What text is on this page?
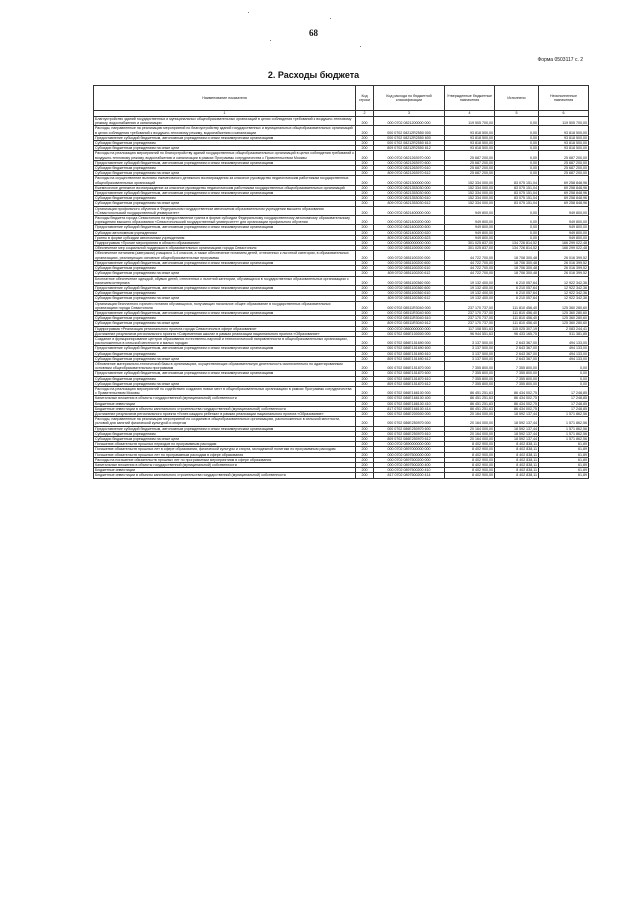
68
Форма 0503117 с. 2
2. Расходы бюджета
Наименование показателя	Код строки	Код расхода по бюджетной классификации	Утвержденные бюджетные назначения	Исполнено	Неисполненные назначения
1	2	3	4	5	6
Благоустройство зданий государственных и муниципальных общеобразовательных организаций в целях соблюдения требований к воздушно-тепловому режиму, водоснабжению и канализации	200	000 0702 0821200000 000	119 505 700,00	0,00	119 505 700,00
Расходы, направленные на реализацию мероприятий по благоустройству зданий государственных и муниципальных общеобразовательных организаций в целях соблюдения требований к воздушно-тепловому режиму, водоснабжению и канализации	200	000 0702 08212R2550 000	93 818 500,00	0,00	93 818 500,00
Предоставление субсидий бюджетным, автономным учреждениям и иным некоммерческим организациям	200	000 0702 08212R2550 600	93 818 500,00	0,00	93 818 500,00
Субсидии бюджетным учреждениям	200	000 0702 08212R2550 610	93 818 500,00	0,00	93 818 500,00
Субсидии бюджетным учреждениям на иные цели	200	809 0702 08212R2550 612	93 818 500,00	0,00	93 818 500,00
Расходы на реализацию мероприятий по благоустройству зданий государственных общеобразовательных организаций в целях соблюдения требований к воздушно-тепловому режиму, водоснабжению и канализации в рамках Программы сотрудничества с Правительством Москвы	200	000 0702 0821263970 000	25 687 200,00	0,00	25 687 200,00
Предоставление субсидий бюджетным, автономным учреждениям и иным некоммерческим организациям	200	000 0702 0821263970 600	25 687 200,00	0,00	25 687 200,00
Субсидии бюджетным учреждениям	200	000 0702 0821263970 610	25 687 200,00	0,00	25 687 200,00
Субсидии бюджетным учреждениям на иные цели	200	809 0702 0821263970 612	25 687 200,00	0,00	25 687 200,00
Расходы на осуществление выплаты ежемесячного денежного вознаграждения за классное руководство педагогическим работникам государственных общеобразовательных организаций	200	000 0702 0821300000 000	152 334 000,00	83 075 151,04	69 258 848,96
Ежемесячное денежное вознаграждение за классное руководство педагогическим работникам государственных общеобразовательных организаций	200	000 0702 0821353030 000	152 334 000,00	83 075 151,04	69 258 848,96
Предоставление субсидий бюджетным, автономным учреждениям и иным некоммерческим организациям	200	000 0702 0821353030 600	152 334 000,00	83 075 151,04	69 258 848,96
Субсидии бюджетным учреждениям	200	000 0702 0821353030 610	152 334 000,00	83 075 151,04	69 258 848,96
Субсидии бюджетным учреждениям на иные цели	200	809 0702 0821353030 612	152 334 000,00	83 075 151,04	69 258 848,96
Организация профильного обучения в Федеральном государственном автономном образовательном учреждении высшего образования «Севастопольский государственный университет»	200	000 0702 0821400000 000	949 800,00	0,00	949 800,00
Расходы бюджета города Севастополя на предоставление гранта в форме субсидии Федеральному государственному автономному образовательному учреждению высшего образования «Севастопольский государственный университет» для организации профильного обучения	200	000 0702 0821400200 000	949 800,00	0,00	949 800,00
Предоставление субсидий бюджетным, автономным учреждениям и иным некоммерческим организациям	200	000 0702 0821400200 600	949 800,00	0,00	949 800,00
Субсидии автономным учреждениям	200	000 0702 0821400200 620	949 800,00	0,00	949 800,00
Гранты в форме субсидии автономным учреждениям	200	809 0702 0821400200 623	949 800,00	0,00	949 800,00
Подпрограмма «Прочие мероприятия в области образования»	200	000 0702 0850000000 000	301 025 837,00	134 726 814,52	166 299 022,48
Обеспечение мер социальной поддержки в образовательных организациях города Севастополя	200	000 0702 0851100000 000	301 025 837,00	134 726 814,52	166 299 022,48
Обеспечение питанием (завтраком) учащихся 1-4 классов, а также обеспечение питанием детей, отнесенных к льготной категории, в образовательных организациях, реализующих основные общеобразовательные программы	200	000 0702 0851100200 000	44 722 700,00	18 708 300,48	26 016 399,52
Предоставление субсидий бюджетным, автономным учреждениям и иным некоммерческим организациям	200	000 0702 0851100200 600	44 722 700,00	18 706 300,48	26 016 399,52
Субсидии бюджетным учреждениям	200	000 0702 0851100200 610	44 722 700,00	18 706 300,48	26 016 399,52
Субсидии бюджетным учреждениям на иные цели	200	809 0702 0851100200 612	44 722 700,00	18 706 300,48	26 016 399,52
Бесплатное обеспечение одеждой, обувью детей, отнесенных к льготной категории, обучающихся в государственных образовательных организациях с наличием интерната	200	000 0702 0851100360 000	19 132 400,00	6 210 057,64	12 922 342,36
Предоставление субсидий бюджетным, автономным учреждениям и иным некоммерческим организациям	200	000 0702 0851100360 600	19 132 400,00	6 210 057,64	12 922 342,36
Субсидии бюджетным учреждениям	200	000 0702 0851100360 610	19 132 400,00	6 210 057,64	12 922 342,36
Субсидии бюджетным учреждениям на иные цели	200	809 0702 0851100360 612	19 132 400,00	6 210 057,64	12 922 342,36
Организация бесплатного горячего питания обучающихся, получающих начальное общее образование в государственных образовательных организациях города Севастополя	200	000 0702 08511R3040 000	237 170 737,00	111 810 456,40	125 360 280,60
Предоставление субсидий бюджетным, автономным учреждениям и иным некоммерческим организациям	200	000 0702 08511R3040 600	237 170 737,00	111 810 456,40	125 360 280,60
Субсидии бюджетным учреждениям	200	000 0702 08511R3040 610	237 170 737,00	111 810 456,40	125 360 280,60
Субсидии бюджетным учреждениям на иные цели	200	809 0702 08511R3040 612	237 170 737,00	111 810 456,40	125 360 280,60
Подпрограмма «Реализация регионального проекта города Севастополя в сфере образования»	200	000 0702 0860000000 000	117 108 551,63	115 025 307,19	2 083 244,41
Достижение результатов регионального проекта «Современная школа» в рамках реализации национального проекта «Образование»	200	000 0702 086E100000 000	96 944 551,63	96 433 165,75	511 381,85
Создание и функционирование центров образования естественно-научной и технологической направленности в общеобразовательных организациях, расположенных в сельской местности и малых городах	200	000 0702 086E151690 000	3 137 500,00	2 643 367,00	494 133,00
Предоставление субсидий бюджетным, автономным учреждениям и иным некоммерческим организациям	200	000 0702 086E151690 600	3 137 500,00	2 643 367,00	494 133,00
Субсидии бюджетным учреждениям	200	000 0702 086E151690 610	3 137 500,00	2 643 367,00	494 133,00
Субсидии бюджетным учреждениям на иные цели	200	809 0702 086E151690 612	3 137 500,00	2 643 367,00	494 133,00
Обновление материально-технической базы в организациях, осуществляющих образовательную деятельность исключительно по адаптированным основным общеобразовательным программам	200	000 0702 086E151870 000	7 355 800,00	7 355 800,00	0,00
Предоставление субсидий бюджетным, автономным учреждениям и иным некоммерческим организациям	200	000 0702 086E151870 600	7 355 800,00	7 355 800,00	0,00
Субсидии бюджетным учреждениям	200	000 0702 086E151870 610	7 355 800,00	7 355 800,00	0,00
Субсидии бюджетным учреждениям на иные цели	200	809 0702 086E151870 612	7 355 800,00	7 355 800,00	0,00
Расходы на реализацию мероприятий по содействию созданию новых мест в общеобразовательных организациях в рамках Программы сотрудничества с Правительством Москвы	200	000 0702 086E166100 000	86 451 251,63	86 434 002,75	17 248,85
Капитальные вложения в объекты государственной (муниципальной) собственности	200	000 0702 086E166100 400	86 451 251,63	86 434 002,75	17 248,85
Бюджетные инвестиции	200	000 0702 086E166100 410	86 451 251,63	86 434 002,75	17 248,85
Бюджетные инвестиции в объекты капитального строительства государственной (муниципальной) собственности	200	817 0702 086E166100 414	86 451 251,63	86 434 002,75	17 248,85
Достижение результатов регионального проекта «Успех каждого ребенка» в рамках реализации национального проекта «Образование»	200	000 0702 086E200000 000	20 164 000,00	18 592 137,44	1 571 862,56
Расходы, направленные на реализацию мероприятий по созданию в общеобразовательных организациях, расположенных в сельской местности, условий для занятий физической культурой и спортом	200	000 0702 086E250970 000	20 164 000,00	18 592 137,44	1 571 862,56
Предоставление субсидий бюджетным, автономным учреждениям и иным некоммерческим организациям	200	000 0702 086E250970 600	20 164 000,00	18 592 137,44	1 571 862,56
Субсидии бюджетным учреждениям	200	000 0702 086E250970 610	20 164 000,00	18 592 137,44	1 571 862,56
Субсидии бюджетным учреждениям на иные цели	200	809 0702 086E250970 612	20 164 000,00	18 592 137,44	1 571 862,56
Погашение обязательств прошлых периодов по программным расходам	200	000 0702 0890000000 000	8 402 900,00	8 402 838,11	61,89
Погашение обязательств прошлых лет в сфере образования, физической культуры и спорта, молодежной политики по программным расходам	200	000 0702 0897000000 000	8 402 900,00	8 402 838,11	61,89
Погашение обязательств прошлых лет по программным расходам в сфере образования	200	000 0702 0897500000 000	8 402 900,00	8 402 838,11	61,89
Расходы на погашение обязательств прошлых лет по программным мероприятиям в сфере образования	200	000 0702 0897500200 000	8 402 900,00	8 402 838,11	61,89
Капитальные вложения в объекты государственной (муниципальной) собственности	200	000 0702 0897500200 400	8 402 900,00	8 402 838,11	61,89
Бюджетные инвестиции	200	000 0702 0897500200 410	8 402 900,00	8 402 838,11	61,89
Бюджетные инвестиции в объекты капитального строительства государственной (муниципальной) собственности	200	817 0702 0897500200 414	8 402 900,00	8 402 838,11	61,89
